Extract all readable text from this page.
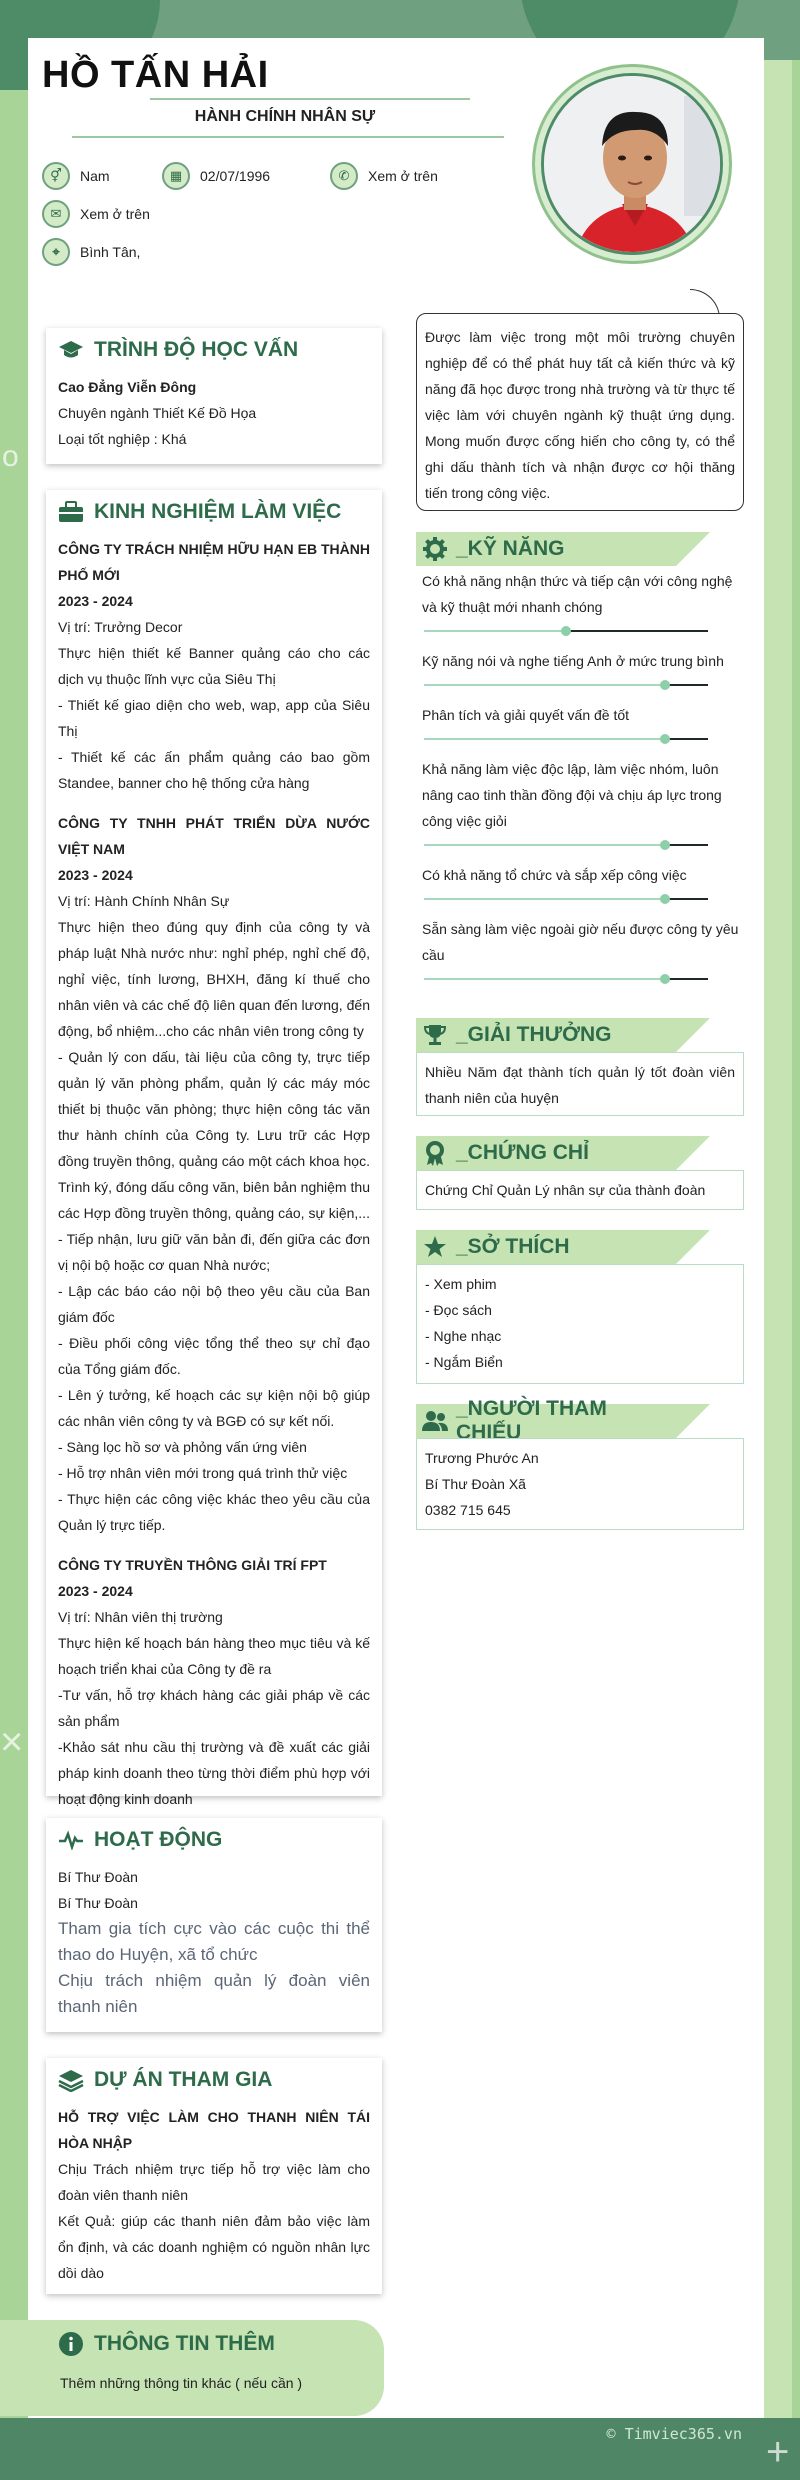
HỒ TẤN HẢI
HÀNH CHÍNH NHÂN SỰ
⚥	Nam	▦	02/07/1996	✆	Xem ở trên
✉	Xem ở trên
⌖	Bình Tân,
TRÌNH ĐỘ HỌC VẤN
Cao Đẳng Viễn Đông
Chuyên ngành Thiết Kế Đồ Họa
Loại tốt nghiệp : Khá
KINH NGHIỆM LÀM VIỆC
CÔNG TY TRÁCH NHIỆM HỮU HẠN EB THÀNH PHỐ MỚI
2023 - 2024
Vị trí: Trưởng Decor
Thực hiện thiết kế Banner quảng cáo cho các dịch vụ thuộc lĩnh vực của Siêu Thị
- Thiết kế giao diện cho web, wap, app của Siêu Thị
- Thiết kế các ấn phẩm quảng cáo bao gồm Standee, banner cho hệ thống cửa hàng
CÔNG TY TNHH PHÁT TRIỂN DỪA NƯỚC VIỆT NAM
2023 - 2024
Vị trí: Hành Chính Nhân Sự
Thực hiện theo đúng quy định của công ty và pháp luật Nhà nước như: nghỉ phép, nghỉ chế độ, nghỉ việc, tính lương, BHXH, đăng kí thuế cho nhân viên và các chế độ liên quan đến lương, đến động, bổ nhiệm...cho các nhân viên trong công ty
- Quản lý con dấu, tài liệu của công ty, trực tiếp quản lý văn phòng phẩm, quản lý các máy móc thiết bị thuộc văn phòng; thực hiện công tác văn thư hành chính của Công ty. Lưu trữ các Hợp đồng truyền thông, quảng cáo một cách khoa học. Trình ký, đóng dấu công văn, biên bản nghiệm thu các Hợp đồng truyền thông, quảng cáo, sự kiện,...
- Tiếp nhận, lưu giữ văn bản đi, đến giữa các đơn vị nội bộ hoặc cơ quan Nhà nước;
- Lập các báo cáo nội bộ theo yêu cầu của Ban giám đốc
- Điều phối công việc tổng thể theo sự chỉ đạo của Tổng giám đốc.
- Lên ý tưởng, kế hoạch các sự kiện nội bộ giúp các nhân viên công ty và BGĐ có sự kết nối.
- Sàng lọc hồ sơ và phỏng vấn ứng viên
- Hỗ trợ nhân viên mới trong quá trình thử việc
- Thực hiện các công việc khác theo yêu cầu của Quản lý trực tiếp.
CÔNG TY TRUYỀN THÔNG GIẢI TRÍ FPT
2023 - 2024
Vị trí: Nhân viên thị trường
Thực hiện kế hoạch bán hàng theo mục tiêu và kế hoạch triển khai của Công ty đề ra
-Tư vấn, hỗ trợ khách hàng các giải pháp về các sản phẩm
-Khảo sát nhu cầu thị trường và đề xuất các giải pháp kinh doanh theo từng thời điểm phù hợp với hoạt động kinh doanh
HOẠT ĐỘNG
Bí Thư Đoàn
Bí Thư Đoàn
Tham gia tích cực vào các cuộc thi thể thao do Huyện, xã tổ chức
Chịu trách nhiệm quản lý đoàn viên thanh niên
DỰ ÁN THAM GIA
HỖ TRỢ VIỆC LÀM CHO THANH NIÊN TÁI HÒA NHẬP
Chịu Trách nhiệm trực tiếp hỗ trợ việc làm cho đoàn viên thanh niên
Kết Quả: giúp các thanh niên đảm bảo việc làm ổn định, và các doanh nghiệm có nguồn nhân lực dồi dào
THÔNG TIN THÊM
Thêm những thông tin khác ( nếu cần )
Được làm việc trong một môi trường chuyên nghiệp để có thể phát huy tất cả kiến thức và kỹ năng đã học được trong nhà trường và từ thực tế việc làm với chuyên ngành kỹ thuật ứng dụng. Mong muốn được cống hiến cho công ty, có thể ghi dấu thành tích và nhận được cơ hội thăng tiến trong công việc.
_KỸ NĂNG
Có khả năng nhận thức và tiếp cận với công nghệ và kỹ thuật mới nhanh chóng
Kỹ năng nói và nghe tiếng Anh ở mức trung bình
Phân tích và giải quyết vấn đề tốt
Khả năng làm việc độc lập, làm việc nhóm, luôn nâng cao tinh thần đồng đội và chịu áp lực trong công việc giỏi
Có khả năng tổ chức và sắp xếp công việc
Sẵn sàng làm việc ngoài giờ nếu được công ty yêu cầu
_GIẢI THƯỞNG
Nhiều Năm đạt thành tích quản lý tốt đoàn viên thanh niên của huyện
_CHỨNG CHỈ
Chứng Chỉ Quản Lý nhân sự của thành đoàn
_SỞ THÍCH
- Xem phim
- Đọc sách
- Nghe nhạc
- Ngắm Biển
_NGƯỜI THAM CHIẾU
Trương Phước An
Bí Thư Đoàn Xã
0382 715 645
o
×
+
© Timviec365.vn
